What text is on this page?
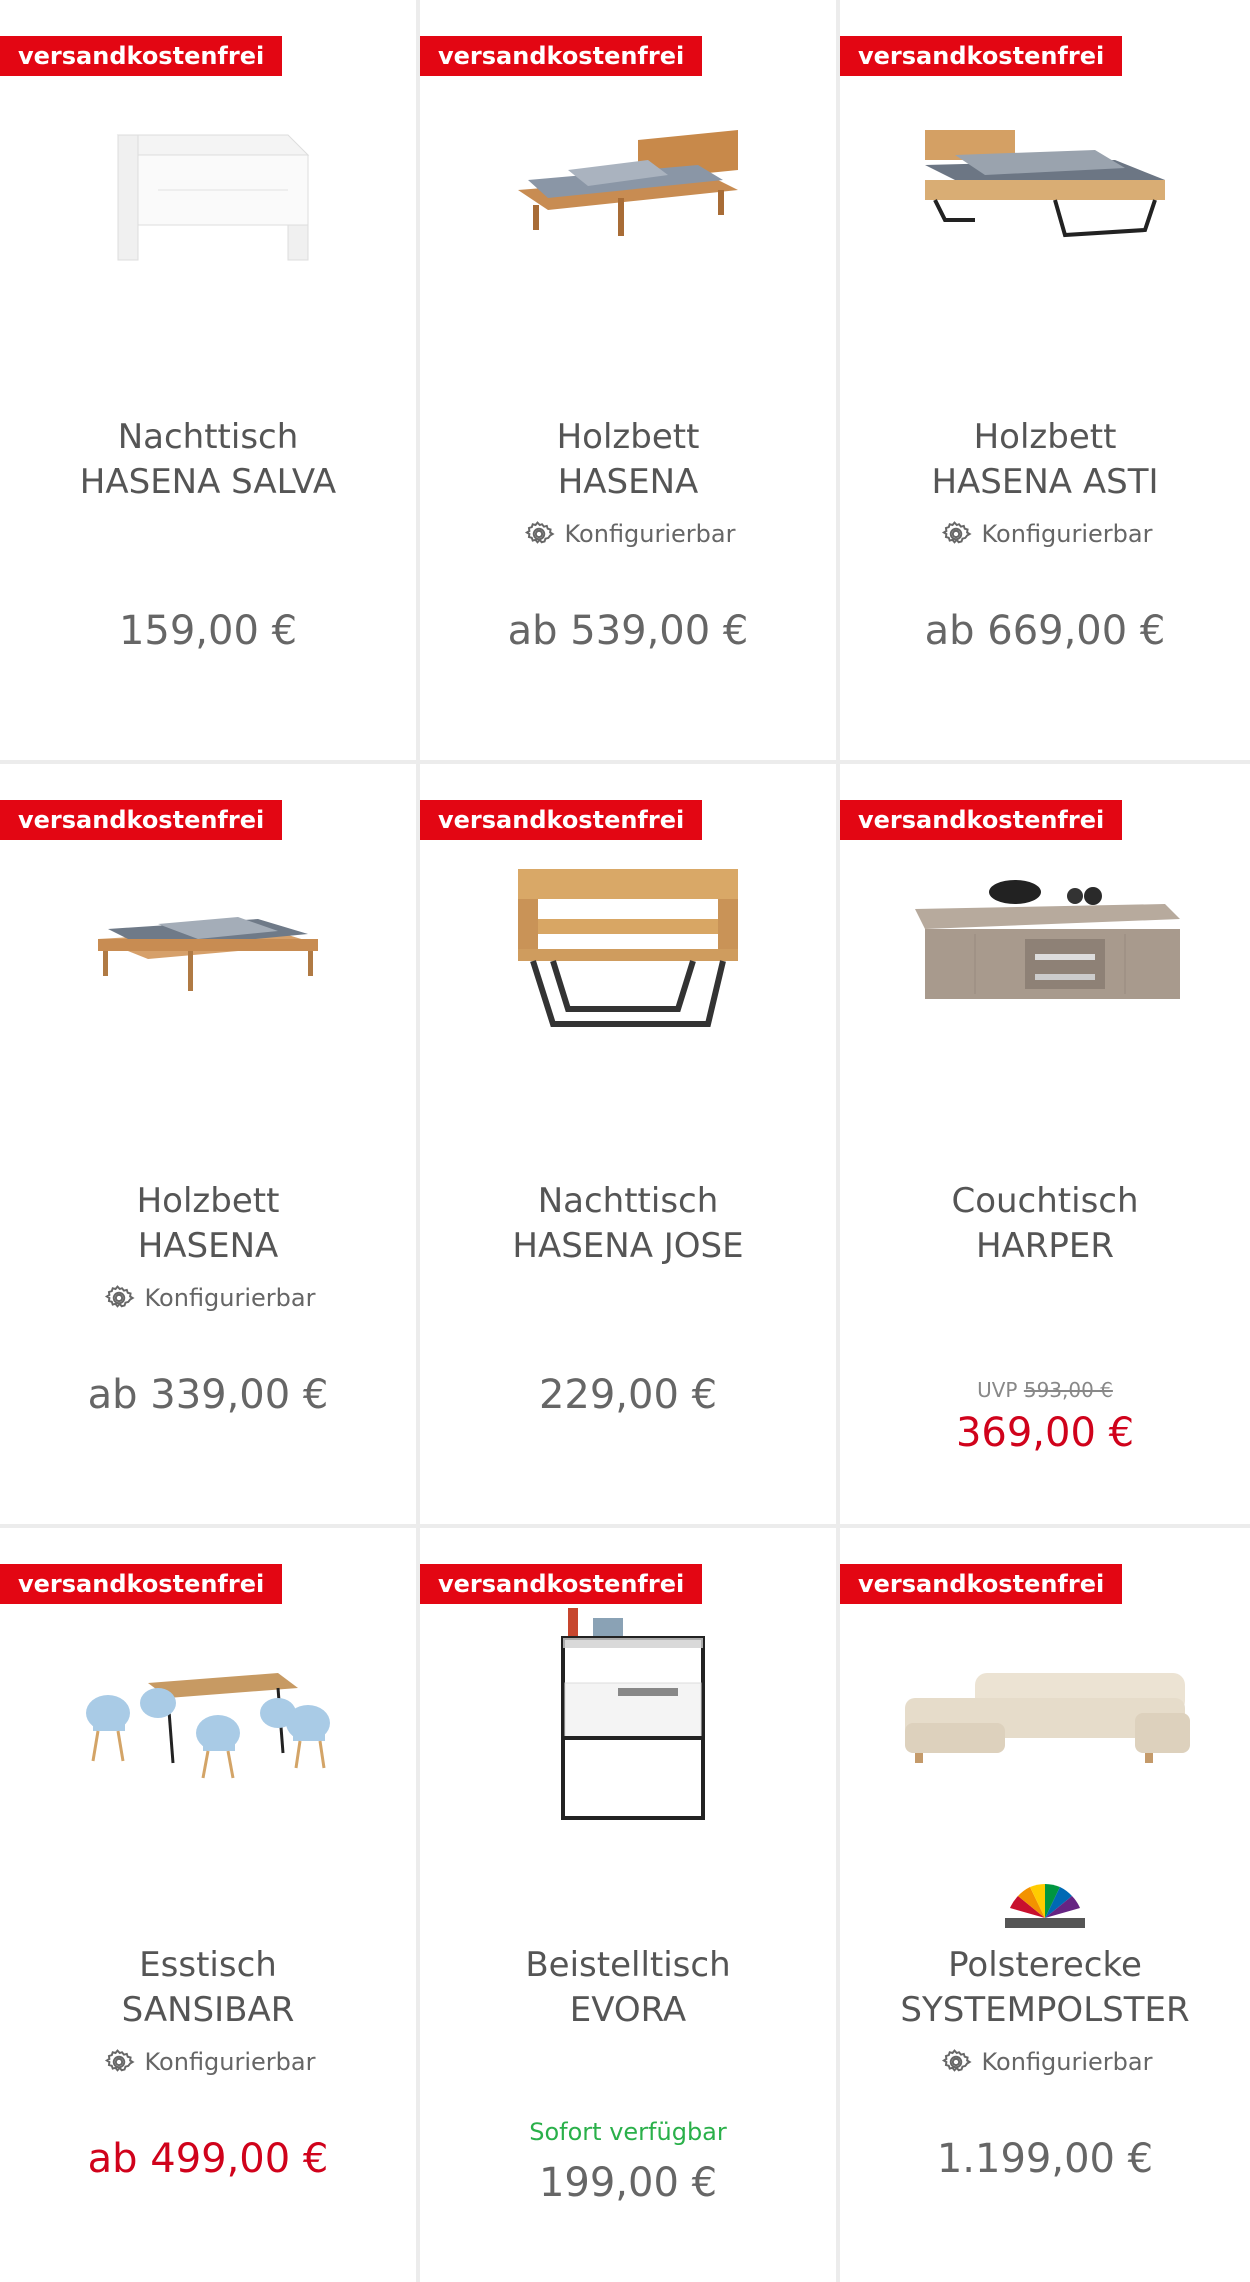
versandkostenfrei
Nachttisch
HASENA SALVA
159,00 €
versandkostenfrei
Holzbett
HASENA
Konfigurierbar
ab 539,00 €
versandkostenfrei
Holzbett
HASENA ASTI
Konfigurierbar
ab 669,00 €
versandkostenfrei
Holzbett
HASENA
Konfigurierbar
ab 339,00 €
versandkostenfrei
Nachttisch
HASENA JOSE
229,00 €
versandkostenfrei
Couchtisch
HARPER
UVP 593,00 €
369,00 €
versandkostenfrei
Esstisch
SANSIBAR
Konfigurierbar
ab 499,00 €
versandkostenfrei
Beistelltisch
EVORA
Sofort verfügbar
199,00 €
versandkostenfrei
Polsterecke
SYSTEMPOLSTER
Konfigurierbar
1.199,00 €
